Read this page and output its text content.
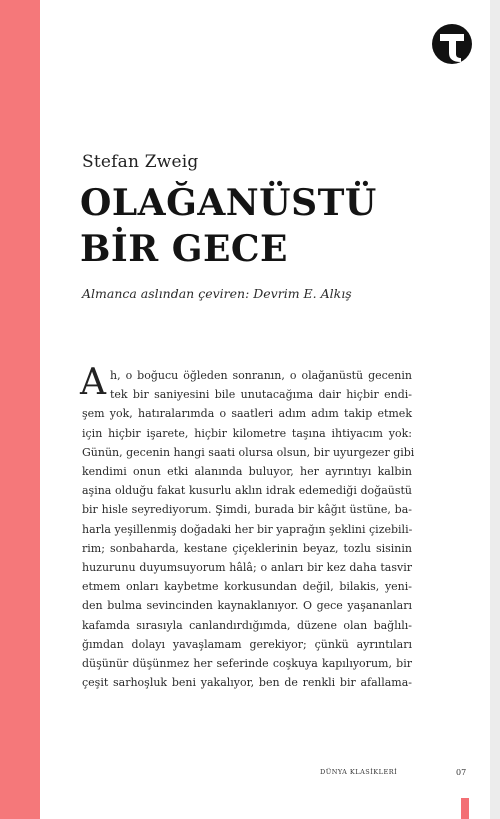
Stefan Zweig
OLAĞANÜSTÜ
BİR GECE
Almanca aslından çeviren: Devrim E. Alkış
A h, o boğucu öğleden sonranın, o olağanüstü gecenin
tek bir saniyesini bile unutacağıma dair hiçbir endi-
şem yok, hatıralarımda o saatleri adım adım takip etmek
için hiçbir işarete, hiçbir kilometre taşına ihtiyacım yok:
Günün, gecenin hangi saati olursa olsun, bir uyurgezer gibi
kendimi onun etki alanında buluyor, her ayrıntıyı kalbin
aşina olduğu fakat kusurlu aklın idrak edemediği doğaüstü
bir hisle seyrediyorum. Şimdi, burada bir kâğıt üstüne, ba-
harla yeşillenmiş doğadaki her bir yaprağın şeklini çizebili-
rim; sonbaharda, kestane çiçeklerinin beyaz, tozlu sisinin
huzurunu duyumsuyorum hâlâ; o anları bir kez daha tasvir
etmem onları kaybetme korkusundan değil, bilakis, yeni-
den bulma sevincinden kaynaklanıyor. O gece yaşananları
kafamda sırasıyla canlandırdığımda, düzene olan bağlılı-
ğımdan dolayı yavaşlamam gerekiyor; çünkü ayrıntıları
düşünür düşünmez her seferinde coşkuya kapılıyorum, bir
çeşit sarhoşluk beni yakalıyor, ben de renkli bir afallama-
DÜNYA KLASİKLERİ	07
